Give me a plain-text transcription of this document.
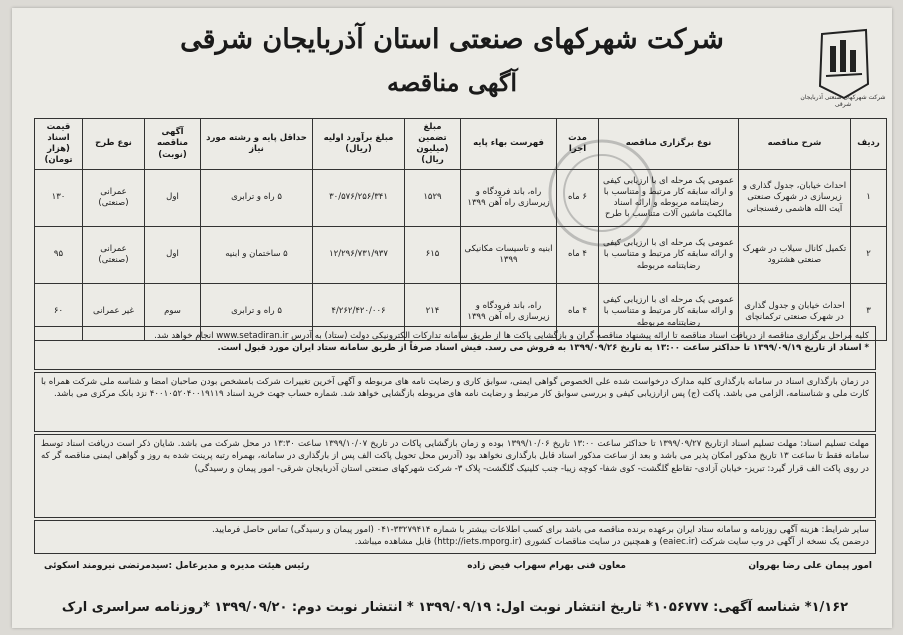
شرکت شهرکهای صنعتی آذربایجان شرقی
شرکت شهرکهای صنعتی استان آذربایجان شرقی
آگهی مناقصه
ردیف	شرح مناقصه	نوع برگزاری مناقصه	مدت اجرا	فهرست بهاء پایه	مبلغ تضمین (میلیون ریال)	مبلغ برآورد اولیه (ریال)	حداقل پایه و رشته مورد نیاز	آگهی مناقصه (نوبت)	نوع طرح	قیمت اسناد (هزار تومان)
۱	احداث خیابان، جدول گذاری و زیرسازی در شهرک صنعتی آیت الله هاشمی رفسنجانی	عمومی یک مرحله ای با ارزیابی کیفی و ارائه سابقه کار مرتبط و متناسب با رضایتنامه مربوطه و ارائه اسناد مالکیت ماشین آلات متناسب با طرح	۶ ماه	راه، باند فرودگاه و زیرسازی راه آهن ۱۳۹۹	۱۵۲۹	۳۰/۵۷۶/۲۵۶/۳۴۱	۵ راه و ترابری	اول	عمرانی (صنعتی)	۱۳۰
۲	تکمیل کانال سیلاب در شهرک صنعتی هشترود	عمومی یک مرحله ای با ارزیابی کیفی و ارائه سابقه کار مرتبط و متناسب با رضایتنامه مربوطه	۴ ماه	ابنیه و تاسیسات مکانیکی ۱۳۹۹	۶۱۵	۱۲/۲۹۶/۷۳۱/۹۳۷	۵ ساختمان و ابنیه	اول	عمرانی (صنعتی)	۹۵
۳	احداث خیابان و جدول گذاری در شهرک صنعتی ترکمانچای	عمومی یک مرحله ای با ارزیابی کیفی و ارائه سابقه کار مرتبط و متناسب با رضایتنامه مربوطه	۴ ماه	راه، باند فرودگاه و زیرسازی راه آهن ۱۳۹۹	۲۱۴	۴/۲۶۲/۴۲۰/۰۰۶	۵ راه و ترابری	سوم	غیر عمرانی	۶۰

کلیه مراحل برگزاری مناقصه از دریافت اسناد مناقصه تا ارائه پیشنهاد مناقصه گران و بازگشایی پاکت ها از طریق سامانه تدارکات الکترونیکی دولت (ستاد) به آدرس www.setadiran.ir انجام خواهد شد.

* اسناد از تاریخ ۱۳۹۹/۰۹/۱۹ تا حداکثر ساعت ۱۳:۰۰ به تاریخ ۱۳۹۹/۰۹/۲۶ به فروش می رسد. فیش اسناد صرفاً از طریق سامانه ستاد ایران مورد قبول است.

در زمان بارگذاری اسناد در سامانه بارگذاری کلیه مدارک درخواست شده علی الخصوص گواهی ایمنی، سوابق کاری و رضایت نامه های مربوطه و آگهی آخرین تغییرات شرکت بامشخص بودن صاحبان امضا و شناسه ملی شرکت همراه با کارت ملی و شناسنامه، الزامی می باشد. پاکت (ج) پس ازارزیابی کیفی و بررسی سوابق کار مرتبط و رضایت نامه های مربوطه بازگشایی خواهد شد. شماره حساب جهت خرید اسناد ۴۰۰۱۰۵۲۰۴۰۰۱۹۱۱۹ نزد بانک مرکزی می باشد.

مهلت تسلیم اسناد: مهلت تسلیم اسناد ازتاریخ ۱۳۹۹/۰۹/۲۷ تا حداکثر ساعت ۱۳:۰۰ تاریخ ۱۳۹۹/۱۰/۰۶ بوده و زمان بازگشایی پاکات در تاریخ ۱۳۹۹/۱۰/۰۷ ساعت ۱۳:۳۰ در محل شرکت می باشد. شایان ذکر است دریافت اسناد توسط سامانه فقط تا ساعت ۱۳ تاریخ مذکور امکان پذیر می باشد و بعد از ساعت مذکور اسناد قابل بارگذاری نخواهد بود (آدرس محل تحویل پاکت الف پس از بارگذاری در سامانه، بهمراه رتبه پرینت شده به روز و گواهی ایمنی مناقصه گر که در روی پاکت الف قرار گیرد: تبریز- خیابان آزادی- تقاطع گلگشت- کوی شفا- کوچه زیبا- جنب کلینیک گلگشت- پلاک ۳- شرکت شهرکهای صنعتی استان آذربایجان شرقی- امور پیمان و رسیدگی)

سایر شرایط: هزینه آگهی روزنامه و سامانه ستاد ایران برعهده برنده مناقصه می باشد برای کسب اطلاعات بیشتر با شماره ۳۳۲۷۹۴۱۴-۰۴۱ (امور پیمان و رسیدگی) تماس حاصل فرمایید.

درضمن یک نسخه از آگهی در وب سایت شرکت (eaiec.ir) و همچنین در سایت مناقصات کشوری (http://iets.mporg.ir) قابل مشاهده میباشد.

امور پیمان علی رضا بهروان
معاون فنی بهرام سهراب فیض زاده
رئیس هیئت مدیره و مدیرعامل :سیدمرتضی نیرومند اسکوئی
۱/۱۶۲* شناسه آگهی: ۱۰۵۶۷۷۷* تاریخ انتشار نوبت اول: ۱۳۹۹/۰۹/۱۹ * انتشار نوبت دوم: ۱۳۹۹/۰۹/۲۰ *روزنامه سراسری ارک
